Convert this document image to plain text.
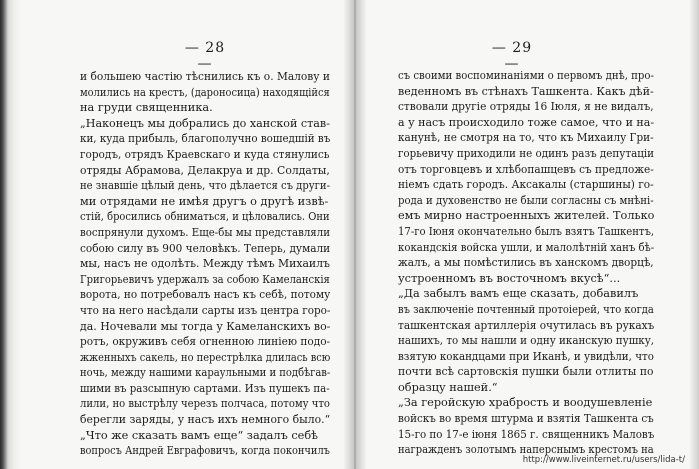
— 28 —
— 29 —
и большею частію тѣснились къ о. Малову и
молились на крестъ, (дароносица) находящійся
на груди священника.
„Наконецъ мы добрались до ханской став-
ки, куда прибыль, благополучно вошедшій въ
городъ, отрядъ Краевскаго и куда стянулись
отряды Абрамова, Делакруа и др. Солдаты,
не знавшіе цѣлый день, что дѣлается съ други-
ми отрядами не имѣя другъ о другѣ извѣ-
стій, бросились обниматься, и цѣловались. Они
воспрянули духомъ. Еще-бы мы представляли
собою силу въ 900 человѣкъ. Теперь, думали
мы, насъ не одолѣть. Между тѣмъ Михаилъ
Григорьевичъ удержалъ за собою Камеланскія
ворота, но потребовалъ насъ къ себѣ, потому
что на него насѣдали сарты изъ центра горо-
да. Ночевали мы тогда у Камеланскихъ во-
ротъ, окруживъ себя огненною линіею подо-
жженныхъ сакель, но перестрѣлка длилась всю
ночь, между нашими караульными и подбѣгав-
шими въ разсыпную сартами. Изъ пушекъ па-
лили, но выстрѣлу черезъ полчаса, потому что
берегли заряды, у насъ ихъ немного было.“
„Что же сказать вамъ еще“ задалъ себѣ
вопросъ Андрей Евграфовичъ, когда покончилъ
съ своими воспоминаніями о первомъ днѣ, про-
веденномъ въ стѣнахъ Ташкента. Какъ дѣй-
ствовали другіе отряды 16 Іюля, я не видалъ,
а у насъ происходило тоже самое, что и на-
канунѣ, не смотря на то, что къ Михаилу Гри-
горьевичу приходили не одинъ разъ депутаціи
отъ торговцевъ и хлѣбопашцевъ съ предложе-
ніемъ сдать городъ. Аксакалы (старшины) го-
рода и духовенство не были согласны съ мнѣні-
емъ мирно настроенныхъ жителей. Только
17-го Іюня окончательно былъ взятъ Ташкентъ,
кокандскія войска ушли, и малолѣтній ханъ бѣ-
жалъ, а мы помѣстились въ ханскомъ дворцѣ,
устроенномъ въ восточномъ вкусѣ“...
„Да забылъ вамъ еще сказать, добавилъ
въ заключеніе почтенный протоіерей, что когда
ташкентская артиллерія очутилась въ рукахъ
нашихъ, то мы нашли и одну иканскую пушку,
взятую кокандцами при Иканѣ, и увидѣли, что
почти всѣ сартовскія пушки были отлиты по
образцу нашей.“
„За геройскую храбрость и воодушевленіе
войскъ во время штурма и взятія Ташкента съ
15-го по 17-е іюня 1865 г. священникъ Маловъ
награжденъ золотымъ наперснымъ крестомъ на
http://www.liveinternet.ru/users/lida-t/
